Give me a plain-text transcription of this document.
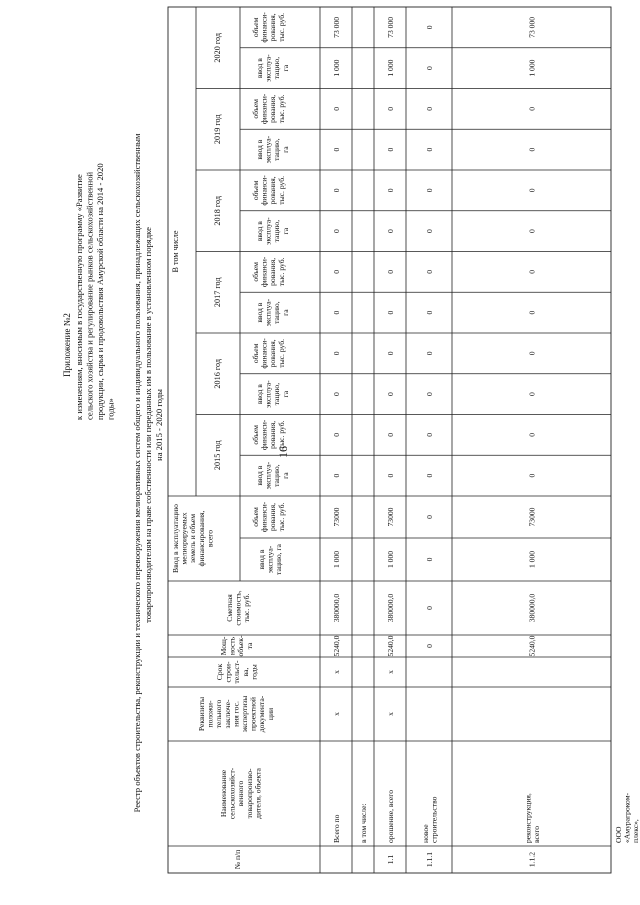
16
Приложение №2 к изменениям, вносимым в государственную программу «Развитие сельского хозяйства и регулирование рынков сельскохозяйственной продукции, сырья и продовольствия Амурской области на 2014 - 2020 годы» Реестр объектов строительства, реконструкции и технического перевооружения мелиоративных систем общего и индивидуального пользования, принадлежащих сельскохозяйственным товаропроизводителям на праве собственности или переданных им в пользование в установленном порядке на 2015 - 2020 годы
№ п/п
Наименование сельскохозяйст- венного товаропроизво- дителя, объекта
Реквизиты положи- тельного заключе- ния гос. экспертизы проектной документа- ции
Срок строи- тельст- ва, годы
Мощ- ность объек- та
Сметная стоимость, тыс. руб.
Ввод в эксплуатацию мелиорируемых земель и объем финансирования, всего
ввод в эксплуа- тацию, га
объем финанси- рования, тыс. руб.
В том числе
2015 год
ввод в эксплуа- тацию, га
объем финанси- рования, тыс. руб.
2016 год
ввод в эксплуа- тацию, га
объем финанси- рования, тыс. руб.
2017 год
ввод в эксплуа- тацию, га
объем финанси- рования, тыс. руб.
2018 год
ввод в эксплуа- тацию, га
объем финанси- рования, тыс. руб.
2019 год
ввод в эксплуа- тацию, га
объем финанси- рования, тыс. руб.
2020 год
ввод в эксплуа- тацию, га
объем финанси- рования, тыс. руб.
Всего по
x
x
5240,0
380000,0
1 000
73000
0
0
0
0
0
0
0
0
0
0
1 000
73 000
в том числе:
1.1
орошение, всего
x
x
5240,0
380000,0
1 000
73000
0
0
0
0
0
0
0
0
0
0
1 000
73 000
1.1.1
новое строительство
0
0
0
0
0
0
0
0
0
0
0
0
0
0
0
0
1.1.2
реконструкция, всего
5240,0
380000,0
1 000
73000
0
0
0
0
0
0
0
0
0
0
1 000
73 000
ООО «Амурагроком- плекс»,
